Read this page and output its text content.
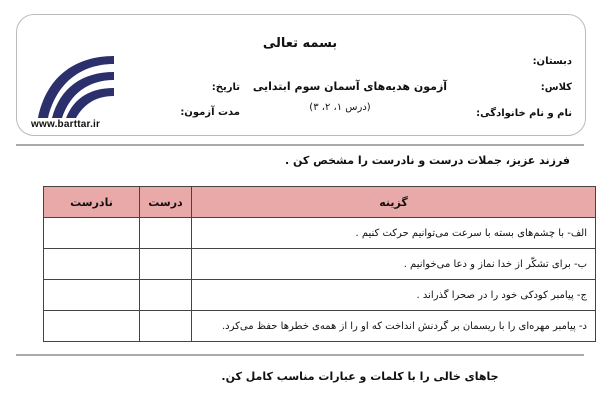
www.barttar.ir
بسمه تعالی
دبستان:
کلاس:
نام و نام خانوادگی:
آزمون هدیه‌های آسمان سوم ابتدایی
(درس ۱، ۲، ۳)
تاریخ:
مدت آزمون:
فرزند عزیز، جملات درست و نادرست را مشخص کن .
گزینه	درست	نادرست
الف- با چشم‌های بسته با سرعت می‌توانیم حرکت کنیم .		
ب- برای تشکّر از خدا نماز و دعا می‌خوانیم .		
ج- پیامبر کودکی خود را در صحرا گذراند .		
د- پیامبر مهره‌ای را با ریسمان بر گردنش انداخت که او را از همه‌ی خطرها حفظ می‌کرد.		
جاهای خالی را با کلمات و عبارات مناسب کامل کن.
